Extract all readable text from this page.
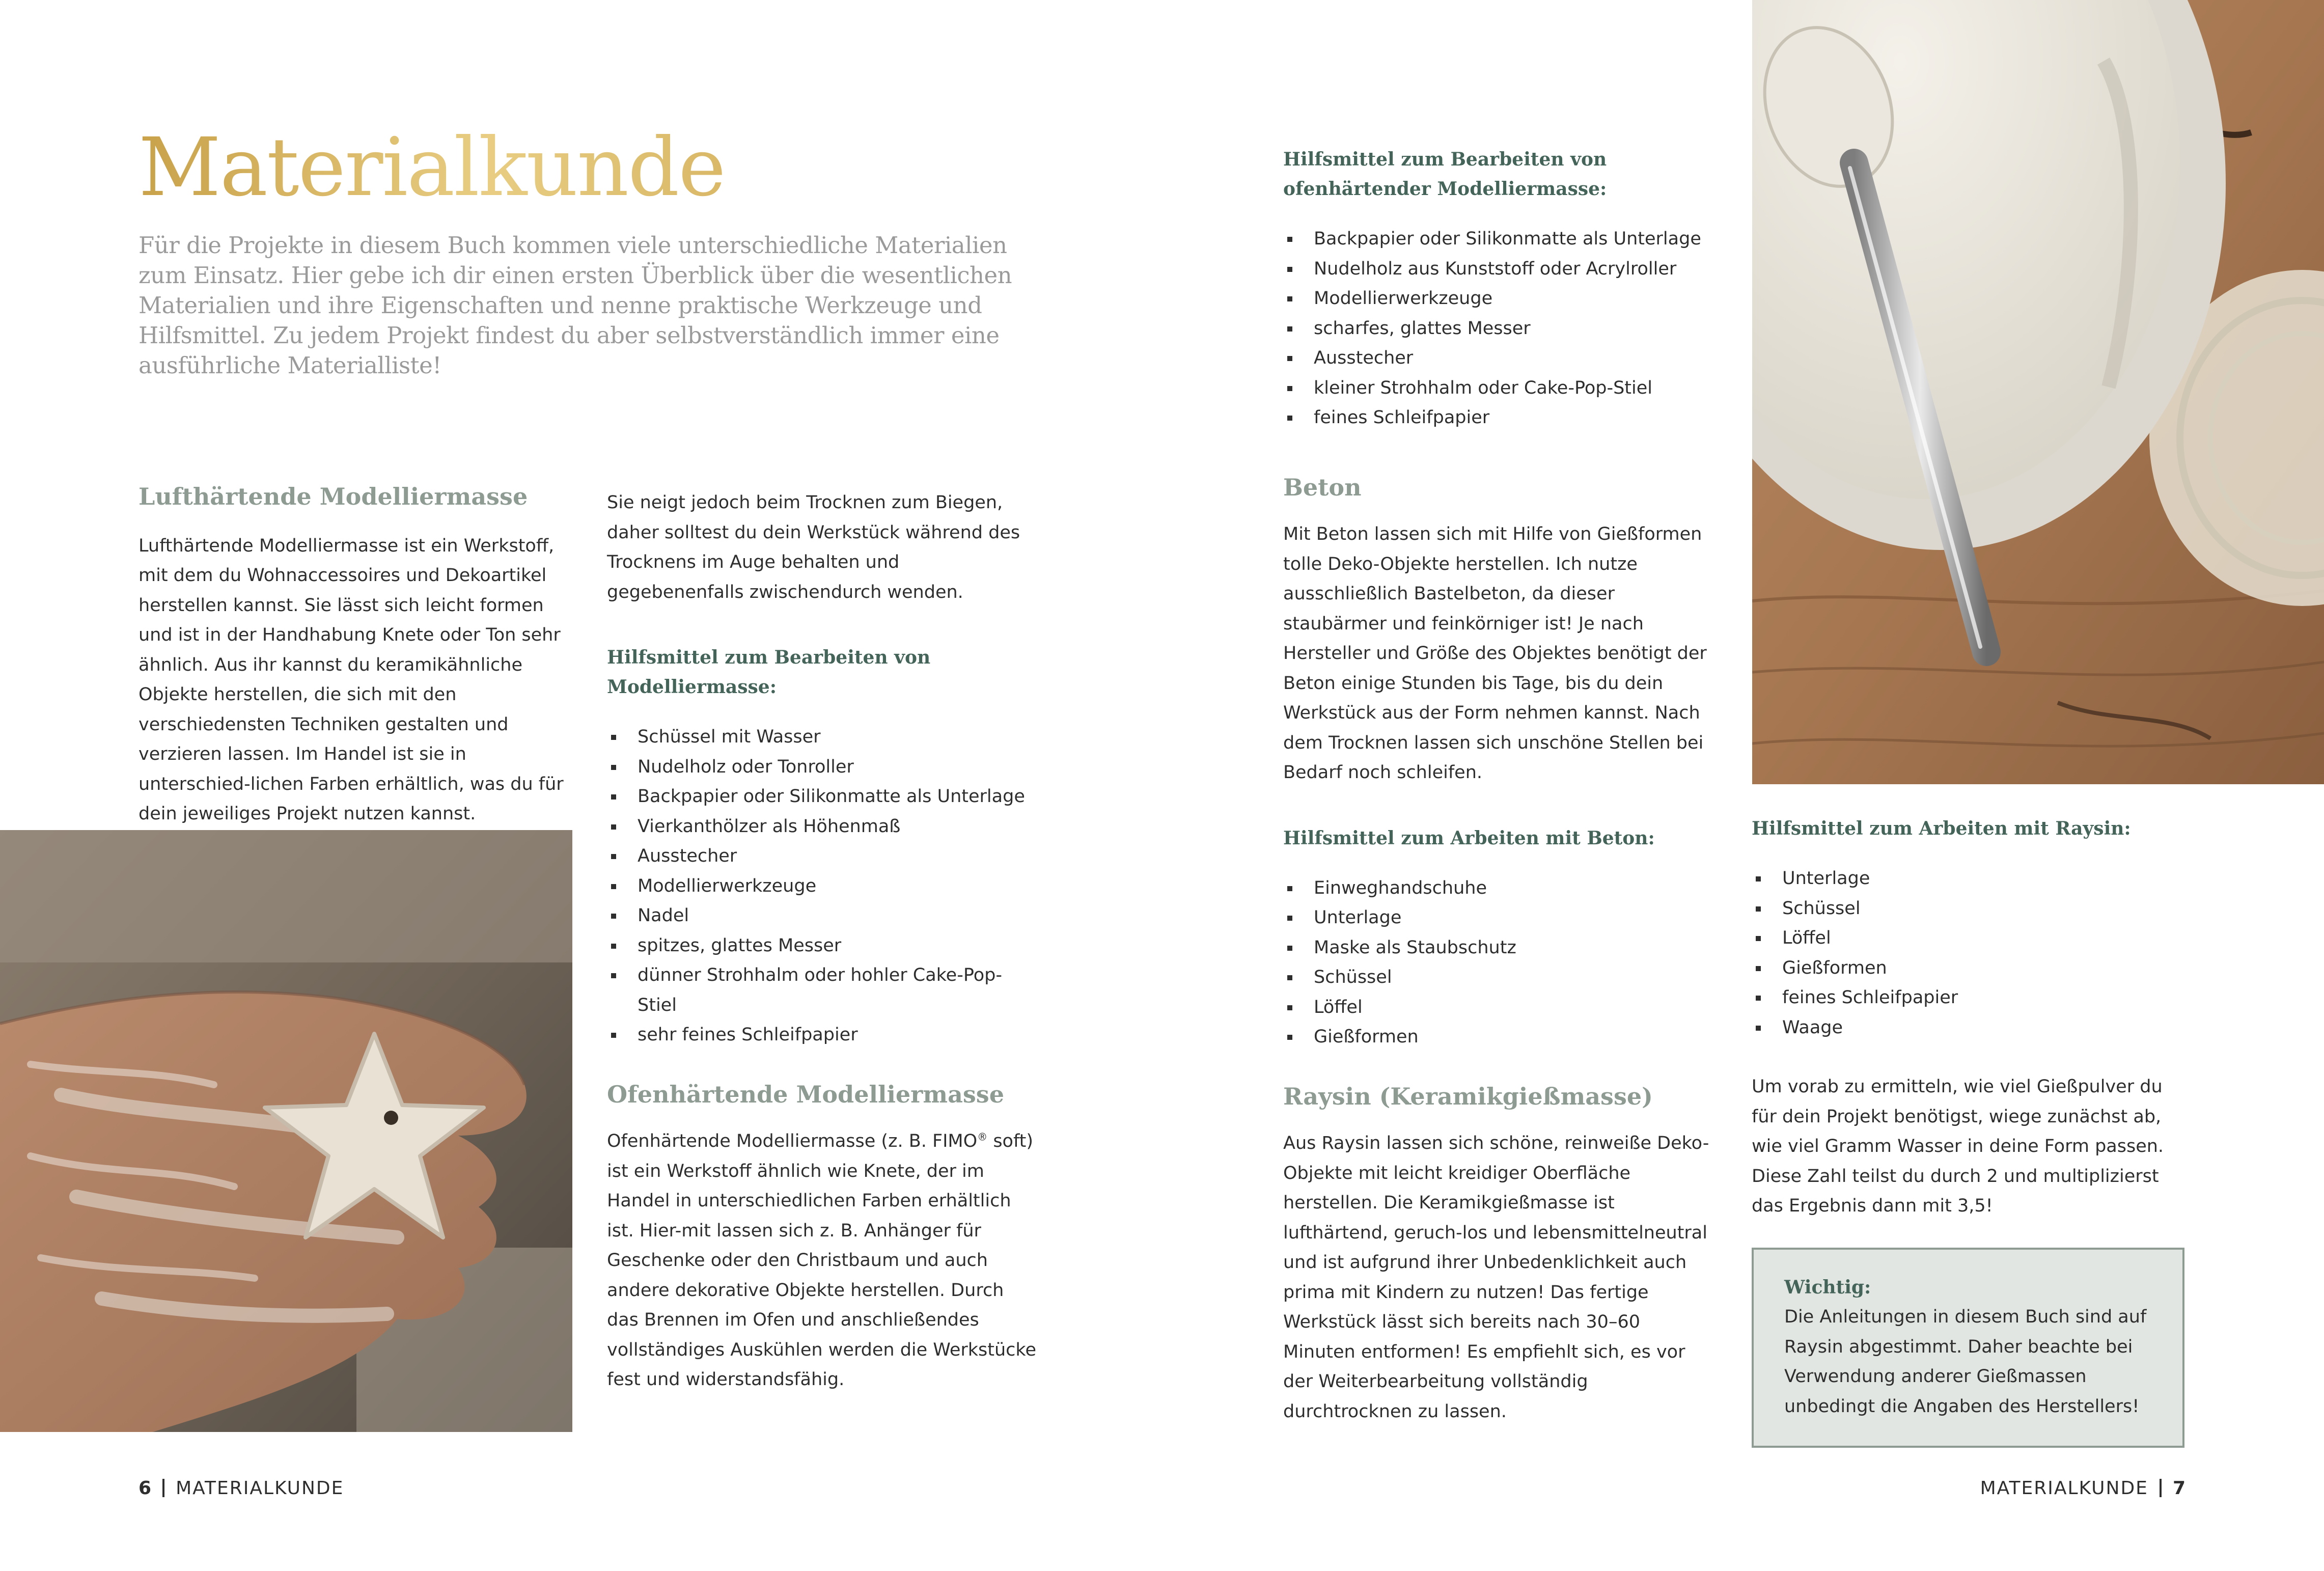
Materialkunde

Für die Projekte in diesem Buch kommen viele unterschiedliche Materialien zum Einsatz. Hier gebe ich dir einen ersten Überblick über die wesentlichen Materialien und ihre Eigenschaften und nenne praktische Werkzeuge und Hilfsmittel. Zu jedem Projekt findest du aber selbstverständlich immer eine ausführliche Materialliste!

Lufthärtende Modelliermasse

Lufthärtende Modelliermasse ist ein Werkstoff, mit dem du Wohnaccessoires und Dekoartikel herstellen kannst. Sie lässt sich leicht formen und ist in der Handhabung Knete oder Ton sehr ähnlich. Aus ihr kannst du keramikähnliche Objekte herstellen, die sich mit den verschiedensten Techniken gestalten und verzieren lassen. Im Handel ist sie in unterschied-lichen Farben erhältlich, was du für dein jeweiliges Projekt nutzen kannst.

Sie neigt jedoch beim Trocknen zum Biegen, daher solltest du dein Werkstück während des Trocknens im Auge behalten und gegebenenfalls zwischendurch wenden.

Hilfsmittel zum Bearbeiten von Modelliermasse:
Schüssel mit Wasser
Nudelholz oder Tonroller
Backpapier oder Silikonmatte als Unterlage
Vierkanthölzer als Höhenmaß
Ausstecher
Modellierwerkzeuge
Nadel
spitzes, glattes Messer
dünner Strohhalm oder hohler Cake-Pop-Stiel
sehr feines Schleifpapier
Ofenhärtende Modelliermasse

Ofenhärtende Modelliermasse (z. B. FIMO® soft) ist ein Werkstoff ähnlich wie Knete, der im Handel in unterschiedlichen Farben erhältlich ist. Hier-mit lassen sich z. B. Anhänger für Geschenke oder den Christbaum und auch andere dekorative Objekte herstellen. Durch das Brennen im Ofen und anschließendes vollständiges Auskühlen werden die Werkstücke fest und widerstandsfähig.

Hilfsmittel zum Bearbeiten von ofenhärtender Modelliermasse:
Backpapier oder Silikonmatte als Unterlage
Nudelholz aus Kunststoff oder Acrylroller
Modellierwerkzeuge
scharfes, glattes Messer
Ausstecher
kleiner Strohhalm oder Cake-Pop-Stiel
feines Schleifpapier
Beton

Mit Beton lassen sich mit Hilfe von Gießformen tolle Deko-Objekte herstellen. Ich nutze ausschließlich Bastelbeton, da dieser staubärmer und feinkörniger ist! Je nach Hersteller und Größe des Objektes benötigt der Beton einige Stunden bis Tage, bis du dein Werkstück aus der Form nehmen kannst. Nach dem Trocknen lassen sich unschöne Stellen bei Bedarf noch schleifen.

Hilfsmittel zum Arbeiten mit Beton:
Einweghandschuhe
Unterlage
Maske als Staubschutz
Schüssel
Löffel
Gießformen
Raysin (Keramikgießmasse)

Aus Raysin lassen sich schöne, reinweiße Deko-Objekte mit leicht kreidiger Oberfläche herstellen. Die Keramikgießmasse ist lufthärtend, geruch-los und lebensmittelneutral und ist aufgrund ihrer Unbedenklichkeit auch prima mit Kindern zu nutzen! Das fertige Werkstück lässt sich bereits nach 30–60 Minuten entformen! Es empfiehlt sich, es vor der Weiterbearbeitung vollständig durchtrocknen zu lassen.

Hilfsmittel zum Arbeiten mit Raysin:
Unterlage
Schüssel
Löffel
Gießformen
feines Schleifpapier
Waage

Um vorab zu ermitteln, wie viel Gießpulver du für dein Projekt benötigst, wiege zunächst ab, wie viel Gramm Wasser in deine Form passen. Diese Zahl teilst du durch 2 und multiplizierst das Ergebnis dann mit 3,5!

Wichtig:

Die Anleitungen in diesem Buch sind auf Raysin abgestimmt. Daher beachte bei Verwendung anderer Gießmassen unbedingt die Angaben des Herstellers!

6 MATERIALKUNDE	MATERIALKUNDE 7
